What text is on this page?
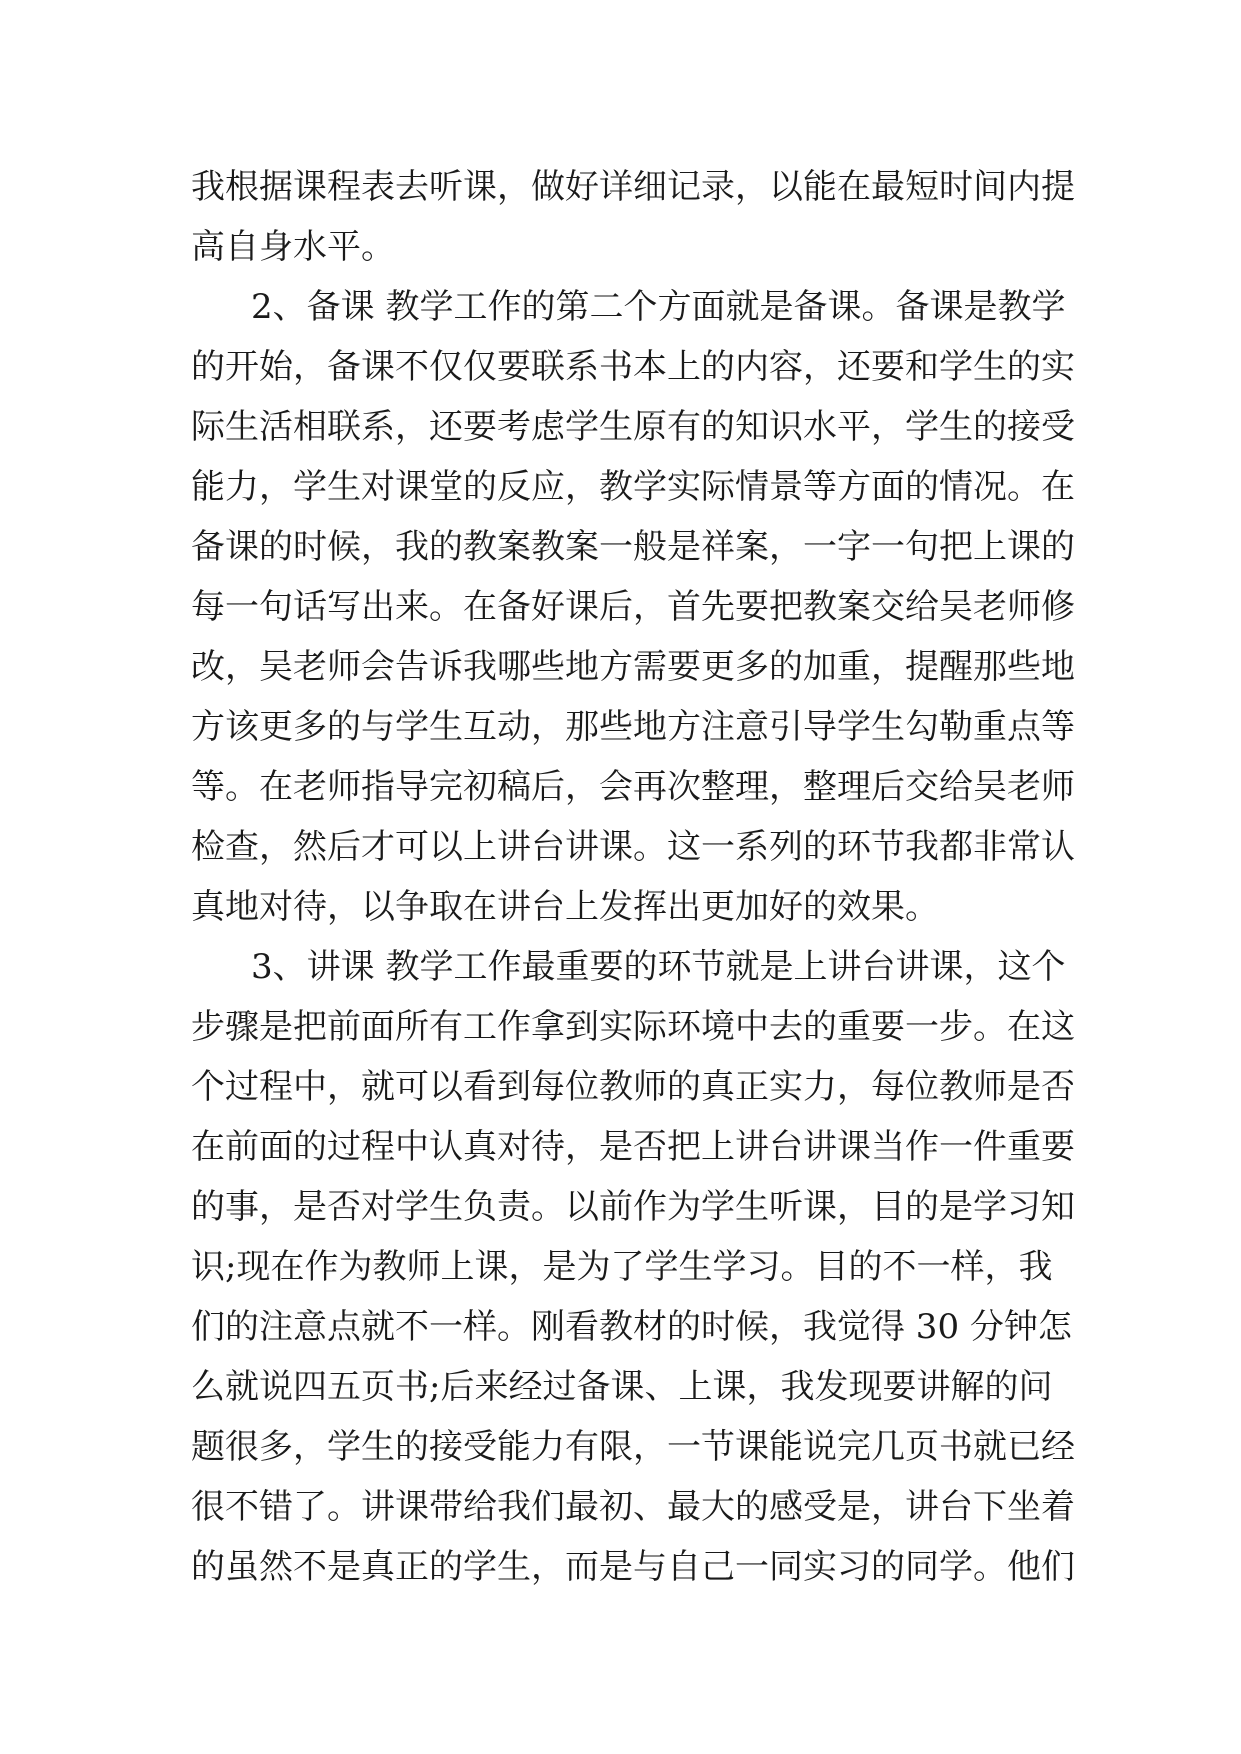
我根据课程表去听课，做好详细记录，以能在最短时间内提
高自身水平。
2、备课 教学工作的第二个方面就是备课。备课是教学
的开始，备课不仅仅要联系书本上的内容，还要和学生的实
际生活相联系，还要考虑学生原有的知识水平，学生的接受
能力，学生对课堂的反应，教学实际情景等方面的情况。在
备课的时候，我的教案教案一般是祥案，一字一句把上课的
每一句话写出来。在备好课后，首先要把教案交给吴老师修
改，吴老师会告诉我哪些地方需要更多的加重，提醒那些地
方该更多的与学生互动，那些地方注意引导学生勾勒重点等
等。在老师指导完初稿后，会再次整理，整理后交给吴老师
检查，然后才可以上讲台讲课。这一系列的环节我都非常认
真地对待，以争取在讲台上发挥出更加好的效果。
3、讲课 教学工作最重要的环节就是上讲台讲课，这个
步骤是把前面所有工作拿到实际环境中去的重要一步。在这
个过程中，就可以看到每位教师的真正实力，每位教师是否
在前面的过程中认真对待，是否把上讲台讲课当作一件重要
的事，是否对学生负责。以前作为学生听课，目的是学习知
识;现在作为教师上课，是为了学生学习。目的不一样，我
们的注意点就不一样。刚看教材的时候，我觉得 30 分钟怎
么就说四五页书;后来经过备课、上课，我发现要讲解的问
题很多，学生的接受能力有限，一节课能说完几页书就已经
很不错了。讲课带给我们最初、最大的感受是，讲台下坐着
的虽然不是真正的学生，而是与自己一同实习的同学。他们
